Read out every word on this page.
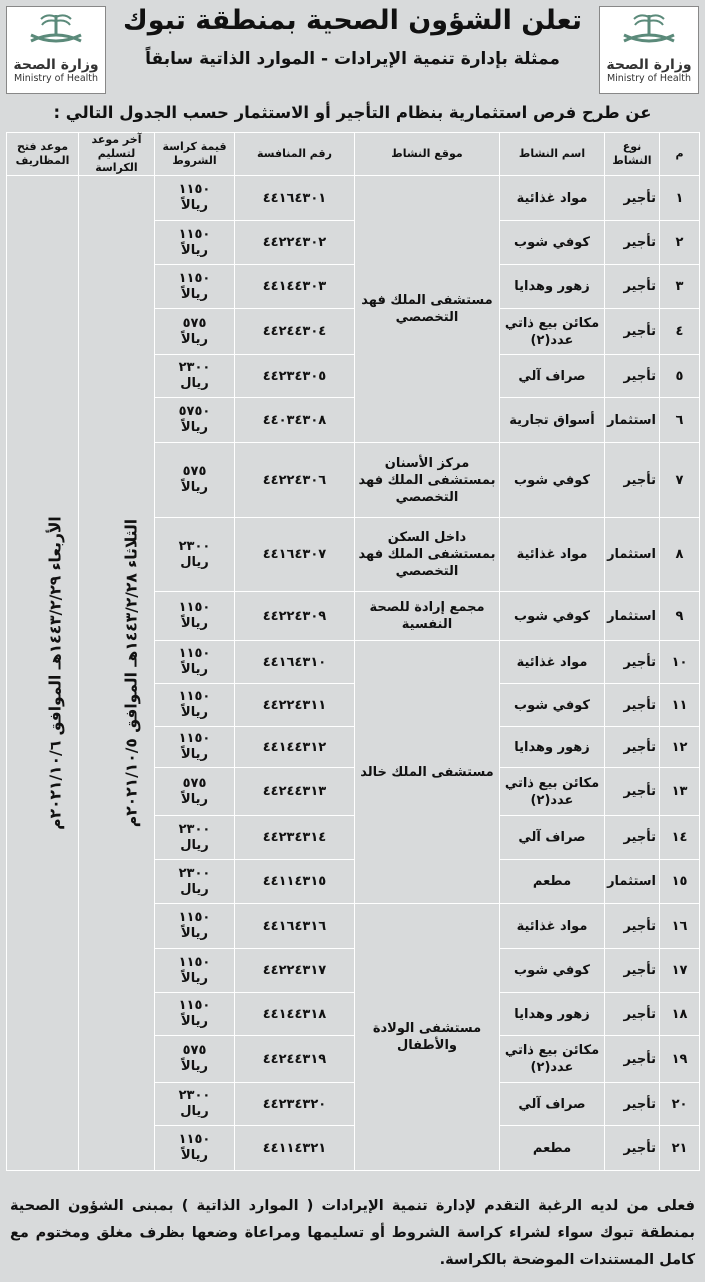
وزارة الصحة
Ministry of Health
وزارة الصحة
Ministry of Health
تعلن الشؤون الصحية بمنطقة تبوك
ممثلة بإدارة تنمية الإيرادات - الموارد الذاتية سابقاً
عن طرح فرص استثمارية بنظام التأجير أو الاستثمار حسب الجدول التالي :
م	نوع النشاط	اسم النشاط	موقع النشاط	رقم المنافسة	قيمة كراسة الشروط	آخر موعد لتسليم الكراسة	موعد فتح المظاريف
١	تأجير	مواد غذائية	مستشفى الملك فهد التخصصي	٤٤١٦٤٣٠١	١١٥٠
ريالاً	الثلاثاء ١٤٤٣/٢/٢٨هـ الموافق ٢٠٢١/١٠/٥م	الأربعاء ١٤٤٣/٢/٢٩هـ الموافق ٢٠٢١/١٠/٦م

٢	تأجير	كوفي شوب		٤٤٢٢٤٣٠٢	١١٥٠
ريالاً		

٣	تأجير	زهور وهدايا		٤٤١٤٤٣٠٣	١١٥٠
ريالاً		

٤	تأجير	مكائن بيع ذاتي عدد(٢)		٤٤٢٤٤٣٠٤	٥٧٥
ريالاً		

٥	تأجير	صراف آلي		٤٤٢٣٤٣٠٥	٢٣٠٠
ريال		

٦	استثمار	أسواق تجارية		٤٤٠٣٤٣٠٨	٥٧٥٠
ريالاً		

٧	تأجير	كوفي شوب	مركز الأسنان بمستشفى الملك فهد التخصصي	٤٤٢٢٤٣٠٦	٥٧٥
ريالاً		

٨	استثمار	مواد غذائية	داخل السكن بمستشفى الملك فهد التخصصي	٤٤١٦٤٣٠٧	٢٣٠٠
ريال		

٩	استثمار	كوفي شوب	مجمع إرادة للصحة النفسية	٤٤٢٢٤٣٠٩	١١٥٠
ريالاً		

١٠	تأجير	مواد غذائية	مستشفى الملك خالد	٤٤١٦٤٣١٠	١١٥٠
ريالاً		

١١	تأجير	كوفي شوب		٤٤٢٢٤٣١١	١١٥٠
ريالاً		

١٢	تأجير	زهور وهدايا		٤٤١٤٤٣١٢	١١٥٠
ريالاً		

١٣	تأجير	مكائن بيع ذاتي عدد(٢)		٤٤٢٤٤٣١٣	٥٧٥
ريالاً		

١٤	تأجير	صراف آلي		٤٤٢٣٤٣١٤	٢٣٠٠
ريال		

١٥	استثمار	مطعم		٤٤١١٤٣١٥	٢٣٠٠
ريال		

١٦	تأجير	مواد غذائية	مستشفى الولادة والأطفال	٤٤١٦٤٣١٦	١١٥٠
ريالاً		

١٧	تأجير	كوفي شوب		٤٤٢٢٤٣١٧	١١٥٠
ريالاً		

١٨	تأجير	زهور وهدايا		٤٤١٤٤٣١٨	١١٥٠
ريالاً		

١٩	تأجير	مكائن بيع ذاتي عدد(٢)		٤٤٢٤٤٣١٩	٥٧٥
ريالاً		

٢٠	تأجير	صراف آلي		٤٤٢٣٤٣٢٠	٢٣٠٠
ريال		

٢١	تأجير	مطعم		٤٤١١٤٣٢١	١١٥٠
ريالاً		
فعلى من لديه الرغبة التقدم لإدارة تنمية الإيرادات ( الموارد الذاتية ) بمبنى الشؤون الصحية بمنطقة تبوك سواء لشراء كراسة الشروط أو تسليمها ومراعاة وضعها بظرف مغلق ومختوم مع كامل المستندات الموضحة بالكراسة.
